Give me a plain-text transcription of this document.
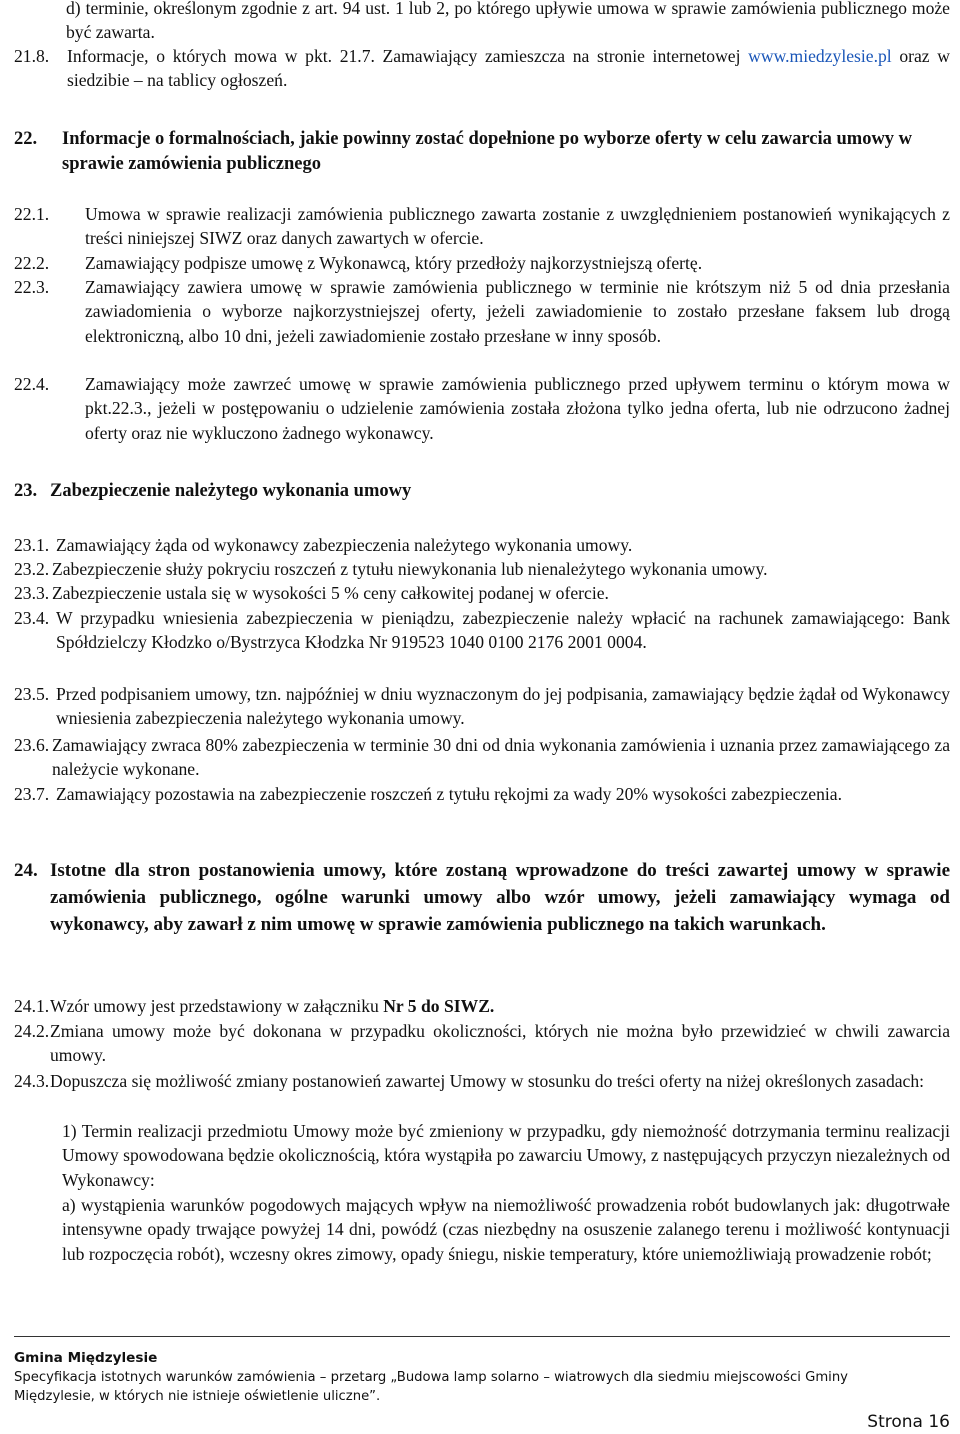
d) terminie, określonym zgodnie z art. 94 ust. 1 lub 2, po którego upływie umowa w sprawie zamówienia publicznego może być zawarta.
21.8. Informacje, o których mowa w pkt. 21.7. Zamawiający zamieszcza na stronie internetowej www.miedzylesie.pl oraz w siedzibie – na tablicy ogłoszeń.
22. Informacje o formalnościach, jakie powinny zostać dopełnione po wyborze oferty w celu zawarcia umowy w sprawie zamówienia publicznego
22.1. Umowa w sprawie realizacji zamówienia publicznego zawarta zostanie z uwzględnieniem postanowień wynikających z treści niniejszej SIWZ oraz danych zawartych w ofercie.
22.2. Zamawiający podpisze umowę z Wykonawcą, który przedłoży najkorzystniejszą ofertę.
22.3. Zamawiający zawiera umowę w sprawie zamówienia publicznego w terminie nie krótszym niż 5 od dnia przesłania zawiadomienia o wyborze najkorzystniejszej oferty, jeżeli zawiadomienie to zostało przesłane faksem lub drogą elektroniczną, albo 10 dni, jeżeli zawiadomienie zostało przesłane w inny sposób.
22.4. Zamawiający może zawrzeć umowę w sprawie zamówienia publicznego przed upływem terminu o którym mowa w pkt.22.3., jeżeli w postępowaniu o udzielenie zamówienia została złożona tylko jedna oferta, lub nie odrzucono żadnej oferty oraz nie wykluczono żadnego wykonawcy.
23. Zabezpieczenie należytego wykonania umowy
23.1. Zamawiający żąda od wykonawcy zabezpieczenia należytego wykonania umowy.
23.2. Zabezpieczenie służy pokryciu roszczeń z tytułu niewykonania lub nienależytego wykonania umowy.
23.3. Zabezpieczenie ustala się w wysokości 5 % ceny całkowitej podanej w ofercie.
23.4. W przypadku wniesienia zabezpieczenia w pieniądzu, zabezpieczenie należy wpłacić na rachunek zamawiającego: Bank Spółdzielczy Kłodzko o/Bystrzyca Kłodzka Nr 919523 1040 0100 2176 2001 0004.
23.5. Przed podpisaniem umowy, tzn. najpóźniej w dniu wyznaczonym do jej podpisania, zamawiający będzie żądał od Wykonawcy wniesienia zabezpieczenia należytego wykonania umowy.
23.6. Zamawiający zwraca 80% zabezpieczenia w terminie 30 dni od dnia wykonania zamówienia i uznania przez zamawiającego za należycie wykonane.
23.7. Zamawiający pozostawia na zabezpieczenie roszczeń z tytułu rękojmi za wady 20% wysokości zabezpieczenia.
24. Istotne dla stron postanowienia umowy, które zostaną wprowadzone do treści zawartej umowy w sprawie zamówienia publicznego, ogólne warunki umowy albo wzór umowy, jeżeli zamawiający wymaga od wykonawcy, aby zawarł z nim umowę w sprawie zamówienia publicznego na takich warunkach.
24.1. Wzór umowy jest przedstawiony w załączniku Nr 5 do SIWZ.
24.2. Zmiana umowy może być dokonana w przypadku okoliczności, których nie można było przewidzieć w chwili zawarcia umowy.
24.3. Dopuszcza się możliwość zmiany postanowień zawartej Umowy w stosunku do treści oferty na niżej określonych zasadach:
1) Termin realizacji przedmiotu Umowy może być zmieniony w przypadku, gdy niemożność dotrzymania terminu realizacji Umowy spowodowana będzie okolicznością, która wystąpiła po zawarciu Umowy, z następujących przyczyn niezależnych od Wykonawcy:
a) wystąpienia warunków pogodowych mających wpływ na niemożliwość prowadzenia robót budowlanych jak: długotrwałe intensywne opady trwające powyżej 14 dni, powódź (czas niezbędny na osuszenie zalanego terenu i możliwość kontynuacji lub rozpoczęcia robót), wczesny okres zimowy, opady śniegu, niskie temperatury, które uniemożliwiają prowadzenie robót;
Gmina Międzylesie
Specyfikacja istotnych warunków zamówienia – przetarg „Budowa lamp solarno – wiatrowych dla siedmiu miejscowości Gminy
Międzylesie, w których nie istnieje oświetlenie uliczne”.
Strona 16
